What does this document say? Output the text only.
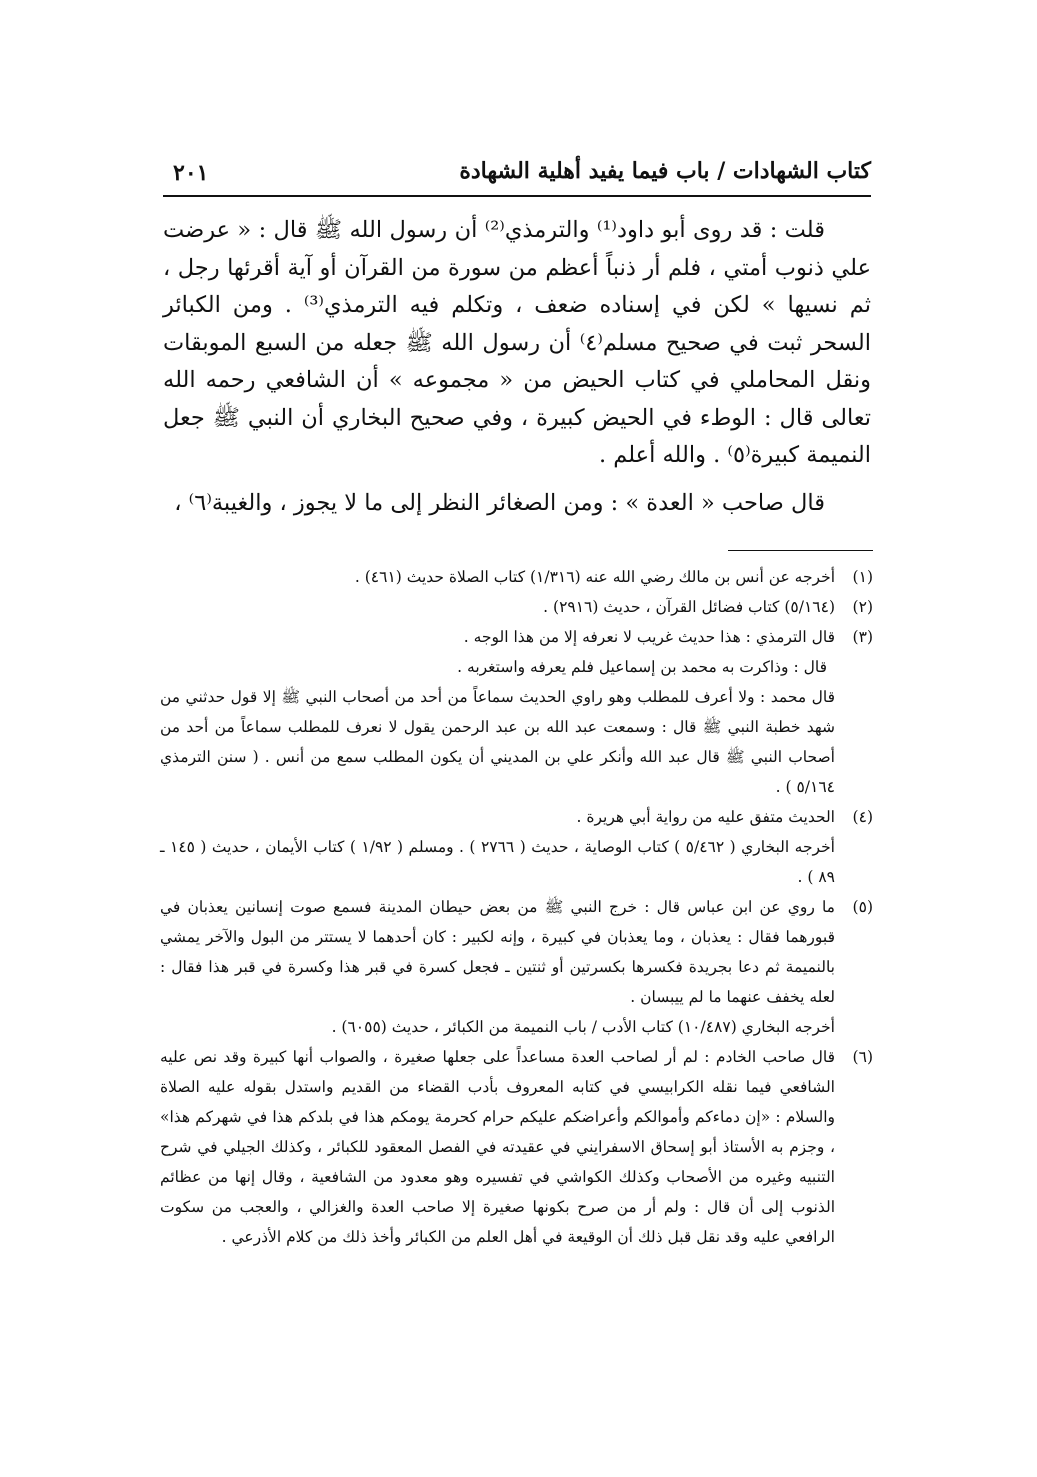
كتاب الشهادات / باب فيما يفيد أهلية الشهادة
٢٠١

قلت : قد روى أبو داود⁽¹⁾ والترمذي⁽²⁾ أن رسول الله ﷺ قال : « عرضت علي ذنوب أمتي ، فلم أر ذنباً أعظم من سورة من القرآن أو آية أقرئها رجل ، ثم نسيها » لكن في إسناده ضعف ، وتكلم فيه الترمذي⁽³⁾ . ومن الكبائر السحر ثبت في صحيح مسلم⁽٤⁾ أن رسول الله ﷺ جعله من السبع الموبقات ونقل المحاملي في كتاب الحيض من « مجموعه » أن الشافعي رحمه الله تعالى قال : الوطء في الحيض كبيرة ، وفي صحيح البخاري أن النبي ﷺ جعل النميمة كبيرة⁽٥⁾ . والله أعلم .

قال صاحب « العدة » : ومن الصغائر النظر إلى ما لا يجوز ، والغيبة⁽٦⁾ ،

(١)

أخرجه عن أنس بن مالك رضي الله عنه (١/٣١٦) كتاب الصلاة حديث (٤٦١) .

(٢)

(٥/١٦٤) كتاب فضائل القرآن ، حديث (٢٩١٦) .

(٣)

قال الترمذي : هذا حديث غريب لا نعرفه إلا من هذا الوجه .

قال : وذاكرت به محمد بن إسماعيل فلم يعرفه واستغربه .

قال محمد : ولا أعرف للمطلب وهو راوي الحديث سماعاً من أحد من أصحاب النبي ﷺ إلا قول حدثني من شهد خطبة النبي ﷺ قال : وسمعت عبد الله بن عبد الرحمن يقول لا نعرف للمطلب سماعاً من أحد من أصحاب النبي ﷺ قال عبد الله وأنكر علي بن المديني أن يكون المطلب سمع من أنس . ( سنن الترمذي ٥/١٦٤ ) .

(٤)

الحديث متفق عليه من رواية أبي هريرة .

أخرجه البخاري ( ٥/٤٦٢ ) كتاب الوصاية ، حديث ( ٢٧٦٦ ) . ومسلم ( ١/٩٢ ) كتاب الأيمان ، حديث ( ١٤٥ ـ ٨٩ ) .

(٥)

ما روي عن ابن عباس قال : خرج النبي ﷺ من بعض حيطان المدينة فسمع صوت إنسانين يعذبان في قبورهما فقال : يعذبان ، وما يعذبان في كبيرة ، وإنه لكبير : كان أحدهما لا يستتر من البول والآخر يمشي بالنميمة ثم دعا بجريدة فكسرها بكسرتين أو ثنتين ـ فجعل كسرة في قبر هذا وكسرة في قبر هذا فقال : لعله يخفف عنهما ما لم ييبسان .

أخرجه البخاري (١٠/٤٨٧) كتاب الأدب / باب النميمة من الكبائر ، حديث (٦٠٥٥) .

(٦)

قال صاحب الخادم : لم أر لصاحب العدة مساعداً على جعلها صغيرة ، والصواب أنها كبيرة وقد نص عليه الشافعي فيما نقله الكرابيسي في كتابه المعروف بأدب القضاء من القديم واستدل بقوله عليه الصلاة والسلام : «إن دماءكم وأموالكم وأعراضكم عليكم حرام كحرمة يومكم هذا في بلدكم هذا في شهركم هذا» ، وجزم به الأستاذ أبو إسحاق الاسفرايني في عقيدته في الفصل المعقود للكبائر ، وكذلك الجيلي في شرح التنبيه وغيره من الأصحاب وكذلك الكواشي في تفسيره وهو معدود من الشافعية ، وقال إنها من عظائم الذنوب إلى أن قال : ولم أر من صرح بكونها صغيرة إلا صاحب العدة والغزالي ، والعجب من سكوت الرافعي عليه وقد نقل قبل ذلك أن الوقيعة في أهل العلم من الكبائر وأخذ ذلك من كلام الأذرعي .
